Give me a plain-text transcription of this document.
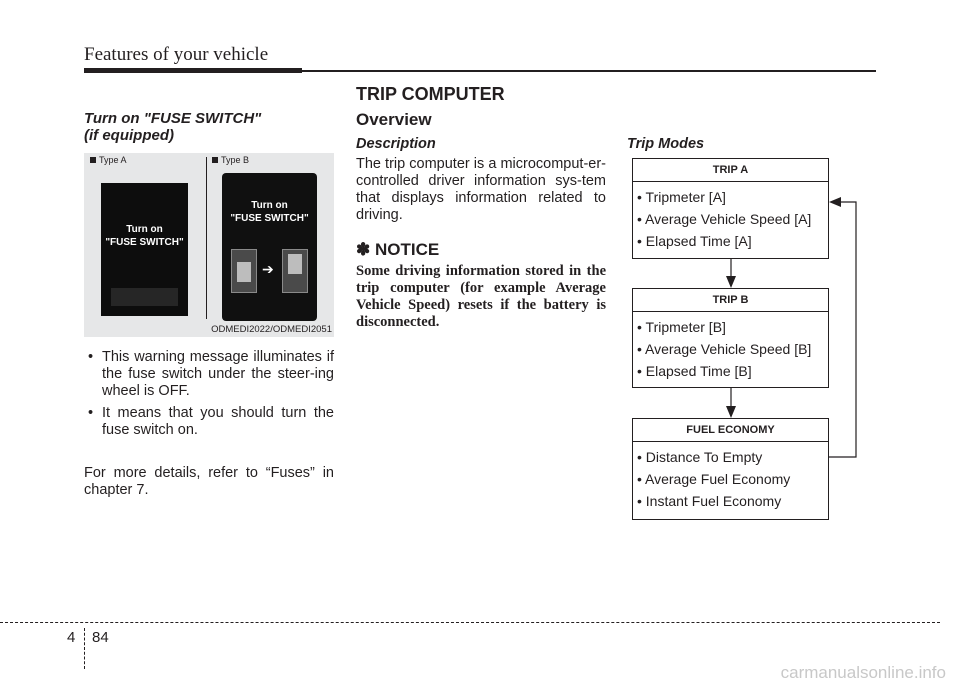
Features of your vehicle
Turn on "FUSE SWITCH"
(if equipped)
Type A	Type B
Turn on
"FUSE SWITCH"
Turn on
"FUSE SWITCH"
➔
ODMEDI2022/ODMEDI2051
• This warning message illuminates if the fuse switch under the steer-ing wheel is OFF.
• It means that you should turn the fuse switch on.
For more details, refer to “Fuses” in chapter 7.
TRIP COMPUTER
Overview
Description
The trip computer is a microcomput-er-controlled driver information sys-tem that displays information related to driving.
✽ NOTICE
Some driving information stored in the trip computer (for example Average Vehicle Speed) resets if the battery is disconnected.
Trip Modes
TRIP A
• Tripmeter [A]
• Average Vehicle Speed [A]
• Elapsed Time [A]
TRIP B
• Tripmeter [B]
• Average Vehicle Speed [B]
• Elapsed Time [B]
FUEL ECONOMY
• Distance To Empty
• Average Fuel Economy
• Instant Fuel Economy
4 84
carmanualsonline.info
